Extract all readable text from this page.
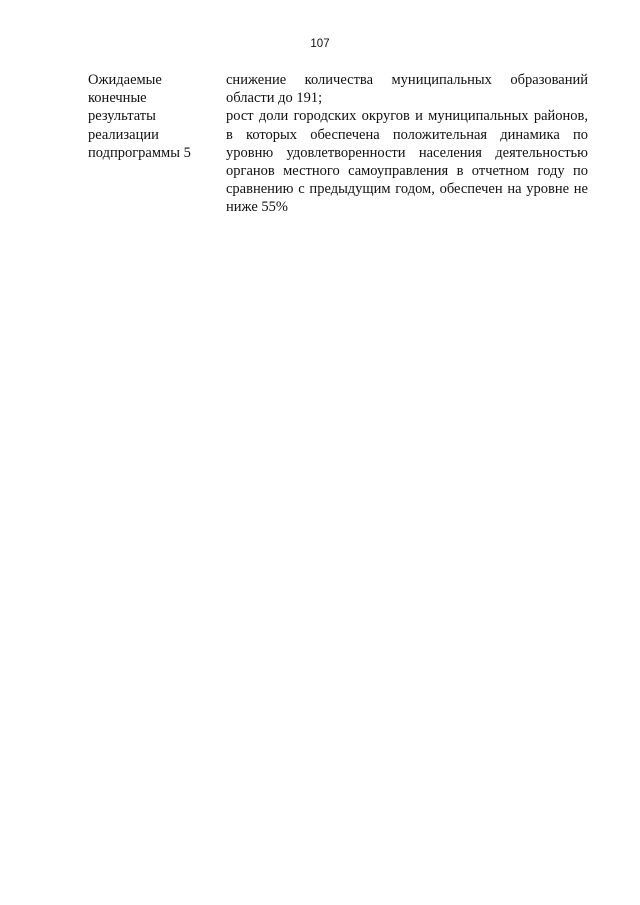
107
Ожидаемые
конечные
результаты
реализации
подпрограммы 5

снижение количества муниципальных образований области до 191;

рост доли городских округов и муниципальных районов, в которых обеспечена положительная динамика по уровню удовлетворенности населения деятельностью органов местного самоуправления в отчетном году по сравнению с предыдущим годом, обеспечен на уровне не ниже 55%
